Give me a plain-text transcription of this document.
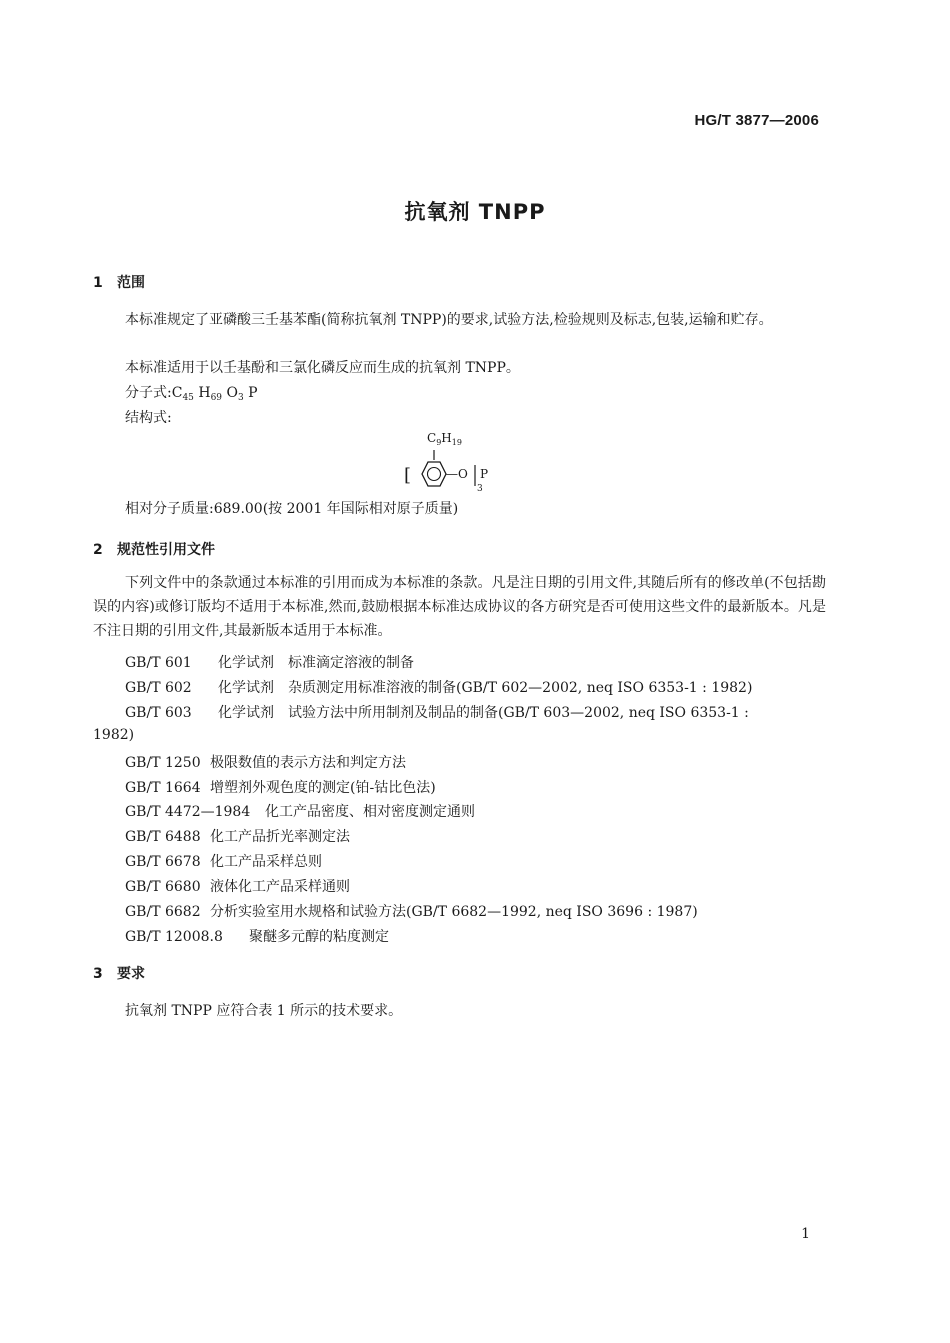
HG/T 3877—2006
抗氧剂 TNPP
1 范围
本标准规定了亚磷酸三壬基苯酯(简称抗氧剂 TNPP)的要求,试验方法,检验规则及标志,包装,运输和贮存。
本标准适用于以壬基酚和三氯化磷反应而生成的抗氧剂 TNPP。
分子式$:C_{45}$ $H_{69}$ $O_3$ P
结构式:
$C_9H_{19}$
[	—O
3
P
相对分子质量:689.00(按 2001 年国际相对原子质量)
2 规范性引用文件
下列文件中的条款通过本标准的引用而成为本标准的条款。凡是注日期的引用文件,其随后所有的修改单(不包括勘误的内容)或修订版均不适用于本标准,然而,鼓励根据本标准达成协议的各方研究是否可使用这些文件的最新版本。凡是不注日期的引用文件,其最新版本适用于本标准。
GB/T 601 化学试剂　标准滴定溶液的制备
GB/T 602 化学试剂　杂质测定用标准溶液的制备(GB/T 602—2002, neq ISO 6353-1 : 1982)
GB/T 603 化学试剂　试验方法中所用制剂及制品的制备(GB/T 603—2002, neq ISO 6353-1 :
1982)
GB/T 1250 极限数值的表示方法和判定方法
GB/T 1664 增塑剂外观色度的测定(铂-钴比色法)
GB/T 4472—1984 化工产品密度、相对密度测定通则
GB/T 6488 化工产品折光率测定法
GB/T 6678 化工产品采样总则
GB/T 6680 液体化工产品采样通则
GB/T 6682 分析实验室用水规格和试验方法(GB/T 6682—1992, neq ISO 3696 : 1987)
GB/T 12008.8 聚醚多元醇的粘度测定
3 要求
抗氧剂 TNPP 应符合表 1 所示的技术要求。
1
